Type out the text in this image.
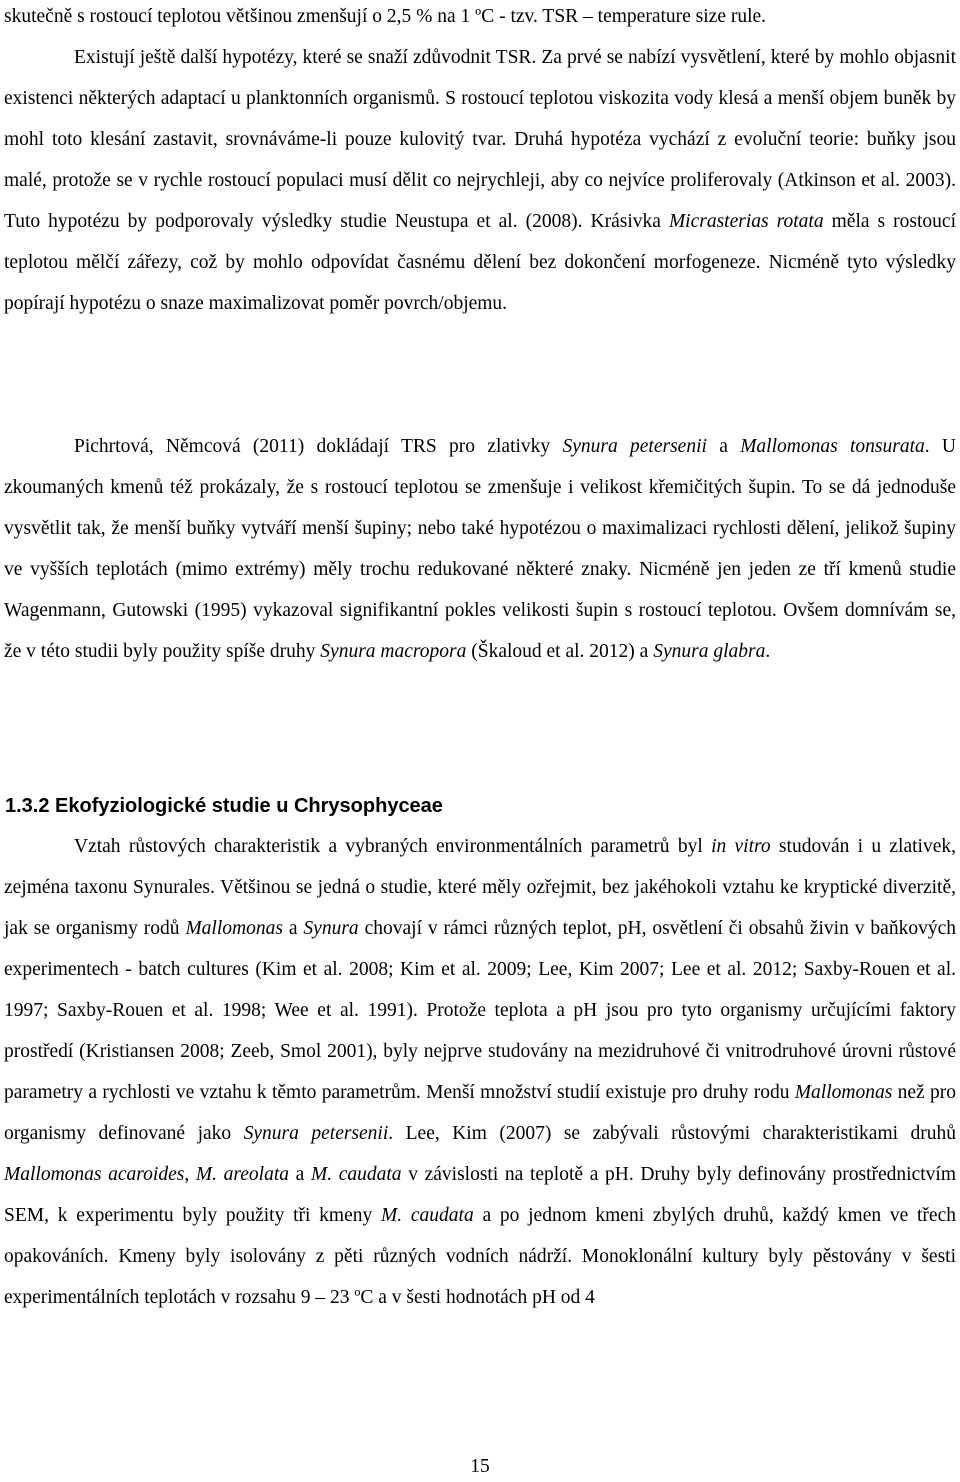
skutečně s rostoucí teplotou většinou zmenšují o 2,5 % na 1 ºC - tzv. TSR – temperature size rule.

Existují ještě další hypotézy, které se snaží zdůvodnit TSR. Za prvé se nabízí vysvětlení, které by mohlo objasnit existenci některých adaptací u planktonních organismů. S rostoucí teplotou viskozita vody klesá a menší objem buněk by mohl toto klesání zastavit, srovnáváme-li pouze kulovitý tvar. Druhá hypotéza vychází z evoluční teorie: buňky jsou malé, protože se v rychle rostoucí populaci musí dělit co nejrychleji, aby co nejvíce proliferovaly (Atkinson et al. 2003). Tuto hypotézu by podporovaly výsledky studie Neustupa et al. (2008). Krásivka Micrasterias rotata měla s rostoucí teplotou mělčí zářezy, což by mohlo odpovídat časnému dělení bez dokončení morfogeneze. Nicméně tyto výsledky popírají hypotézu o snaze maximalizovat poměr povrch/objemu.

Pichrtová, Němcová (2011) dokládají TRS pro zlativky Synura petersenii a Mallomonas tonsurata. U zkoumaných kmenů též prokázaly, že s rostoucí teplotou se zmenšuje i velikost křemičitých šupin. To se dá jednoduše vysvětlit tak, že menší buňky vytváří menší šupiny; nebo také hypotézou o maximalizaci rychlosti dělení, jelikož šupiny ve vyšších teplotách (mimo extrémy) měly trochu redukované některé znaky. Nicméně jen jeden ze tří kmenů studie Wagenmann, Gutowski (1995) vykazoval signifikantní pokles velikosti šupin s rostoucí teplotou. Ovšem domnívám se, že v této studii byly použity spíše druhy Synura macropora (Škaloud et al. 2012) a Synura glabra.

1.3.2 Ekofyziologické studie u Chrysophyceae

Vztah růstových charakteristik a vybraných environmentálních parametrů byl in vitro studován i u zlativek, zejména taxonu Synurales. Většinou se jedná o studie, které měly ozřejmit, bez jakéhokoli vztahu ke kryptické diverzitě, jak se organismy rodů Mallomonas a Synura chovají v rámci různých teplot, pH, osvětlení či obsahů živin v baňkových experimentech - batch cultures (Kim et al. 2008; Kim et al. 2009; Lee, Kim 2007; Lee et al. 2012; Saxby-Rouen et al. 1997; Saxby-Rouen et al. 1998; Wee et al. 1991). Protože teplota a pH jsou pro tyto organismy určujícími faktory prostředí (Kristiansen 2008; Zeeb, Smol 2001), byly nejprve studovány na mezidruhové či vnitrodruhové úrovni růstové parametry a rychlosti ve vztahu k těmto parametrům. Menší množství studií existuje pro druhy rodu Mallomonas než pro organismy definované jako Synura petersenii. Lee, Kim (2007) se zabývali růstovými charakteristikami druhů Mallomonas acaroides, M. areolata a M. caudata v závislosti na teplotě a pH. Druhy byly definovány prostřednictvím SEM, k experimentu byly použity tři kmeny M. caudata a po jednom kmeni zbylých druhů, každý kmen ve třech opakováních. Kmeny byly isolovány z pěti různých vodních nádrží. Monoklonální kultury byly pěstovány v šesti experimentálních teplotách v rozsahu 9 – 23 ºC a v šesti hodnotách pH od 4

15
